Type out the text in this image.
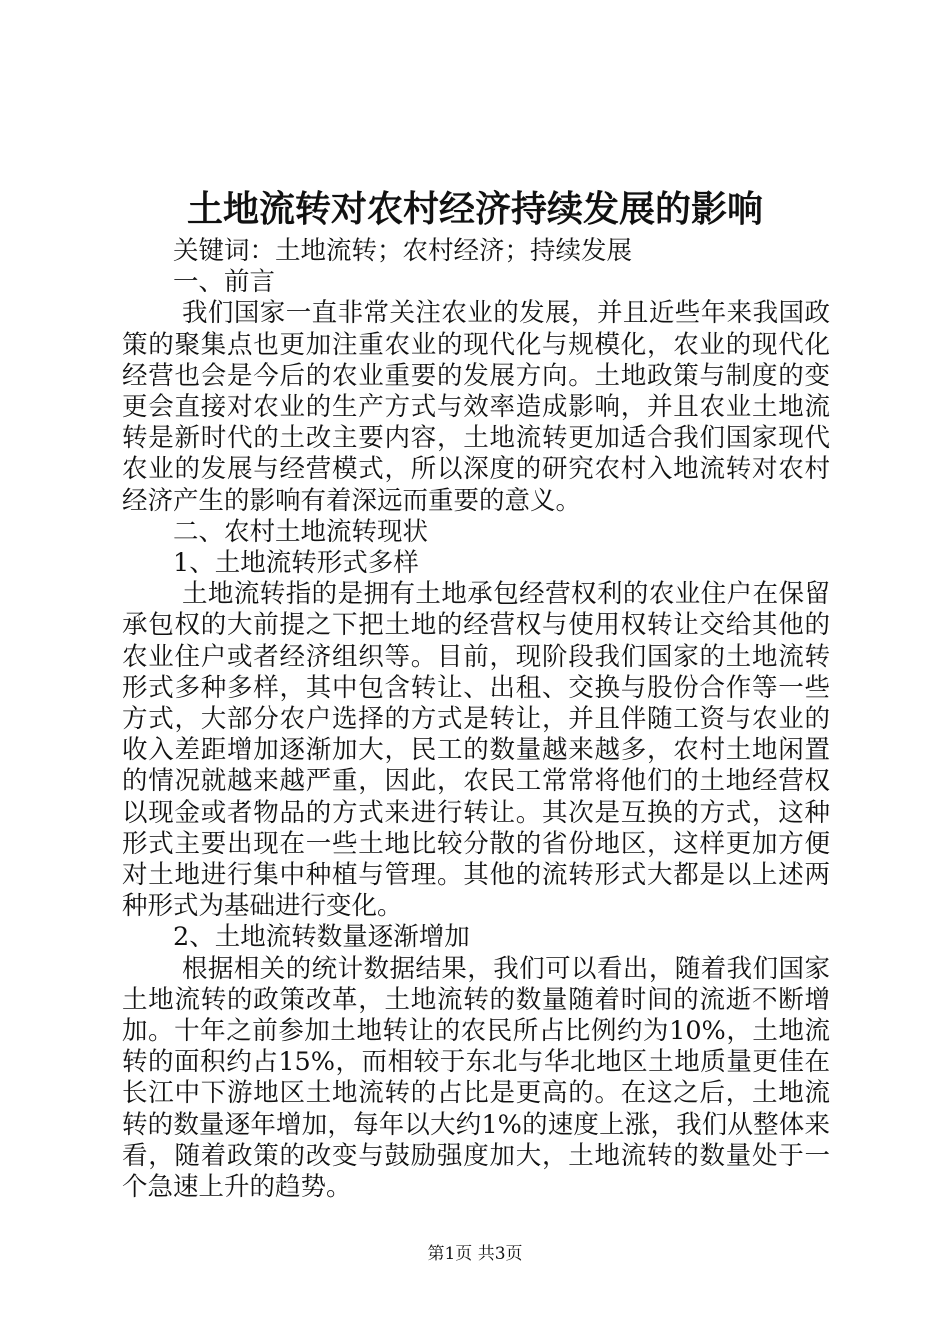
土地流转对农村经济持续发展的影响
关键词：土地流转；农村经济；持续发展
一、前言

我们国家一直非常关注农业的发展，并且近些年来我国政策的聚集点也更加注重农业的现代化与规模化，农业的现代化经营也会是今后的农业重要的发展方向。土地政策与制度的变更会直接对农业的生产方式与效率造成影响，并且农业土地流转是新时代的土改主要内容，土地流转更加适合我们国家现代农业的发展与经营模式，所以深度的研究农村入地流转对农村经济产生的影响有着深远而重要的意义。

二、农村土地流转现状
1、土地流转形式多样

土地流转指的是拥有土地承包经营权利的农业住户在保留承包权的大前提之下把土地的经营权与使用权转让交给其他的农业住户或者经济组织等。目前，现阶段我们国家的土地流转形式多种多样，其中包含转让、出租、交换与股份合作等一些方式，大部分农户选择的方式是转让，并且伴随工资与农业的收入差距增加逐渐加大，民工的数量越来越多，农村土地闲置的情况就越来越严重，因此，农民工常常将他们的土地经营权以现金或者物品的方式来进行转让。其次是互换的方式，这种形式主要出现在一些土地比较分散的省份地区，这样更加方便对土地进行集中种植与管理。其他的流转形式大都是以上述两种形式为基础进行变化。

2、土地流转数量逐渐增加

根据相关的统计数据结果，我们可以看出，随着我们国家土地流转的政策改革，土地流转的数量随着时间的流逝不断增加。十年之前参加土地转让的农民所占比例约为10%，土地流转的面积约占15%，而相较于东北与华北地区土地质量更佳在长江中下游地区土地流转的占比是更高的。在这之后，土地流转的数量逐年增加，每年以大约1%的速度上涨，我们从整体来看，随着政策的改变与鼓励强度加大，土地流转的数量处于一个急速上升的趋势。

第1页 共3页
